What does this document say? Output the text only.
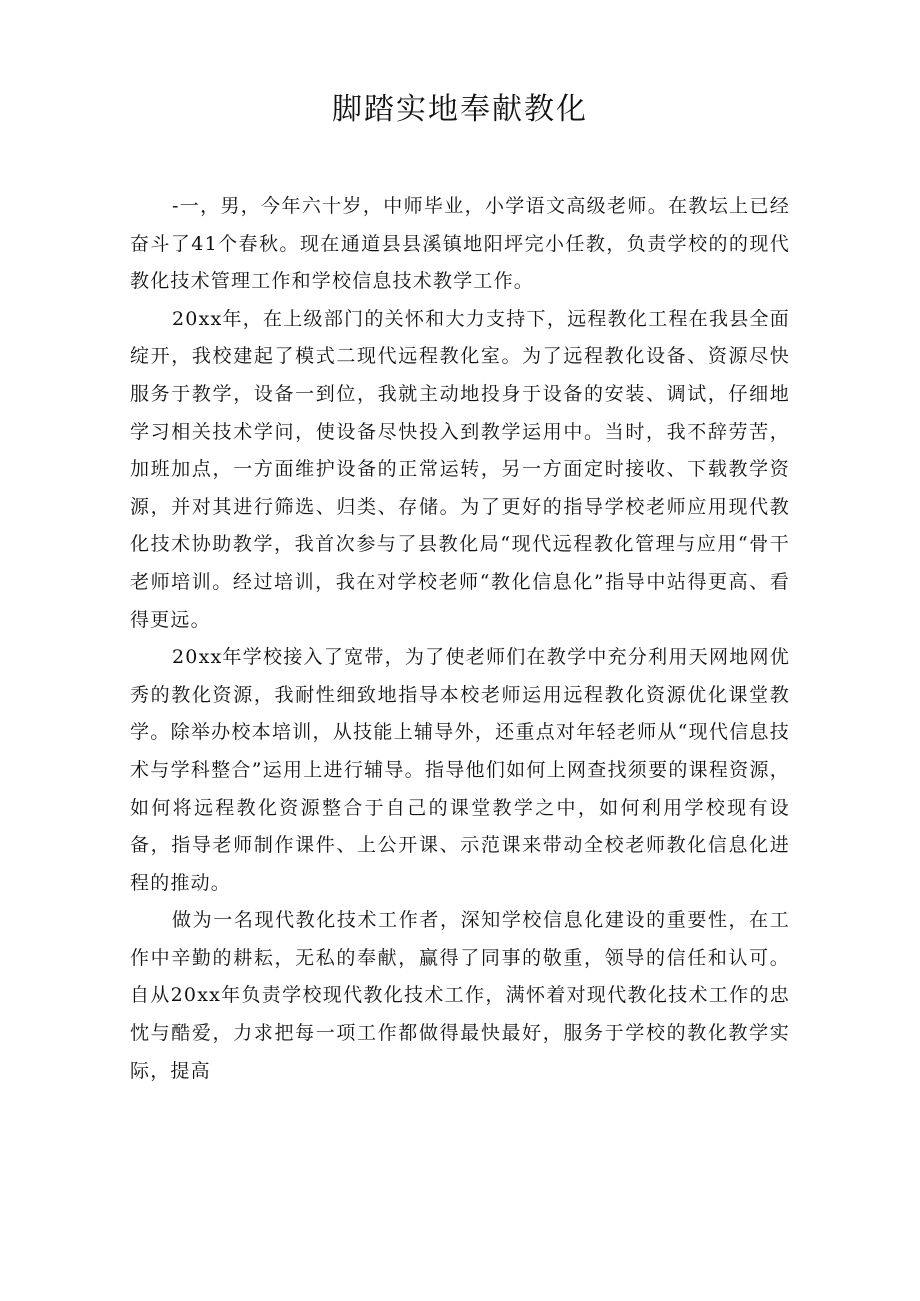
脚踏实地奉献教化

-一，男，今年六十岁，中师毕业，小学语文高级老师。在教坛上已经奋斗了41个春秋。现在通道县县溪镇地阳坪完小任教，负责学校的的现代教化技术管理工作和学校信息技术教学工作。

20xx年，在上级部门的关怀和大力支持下，远程教化工程在我县全面绽开，我校建起了模式二现代远程教化室。为了远程教化设备、资源尽快服务于教学，设备一到位，我就主动地投身于设备的安装、调试，仔细地学习相关技术学问，使设备尽快投入到教学运用中。当时，我不辞劳苦，加班加点，一方面维护设备的正常运转，另一方面定时接收、下载教学资源，并对其进行筛选、归类、存储。为了更好的指导学校老师应用现代教化技术协助教学，我首次参与了县教化局“现代远程教化管理与应用“骨干老师培训。经过培训，我在对学校老师“教化信息化”指导中站得更高、看得更远。

20xx年学校接入了宽带，为了使老师们在教学中充分利用天网地网优秀的教化资源，我耐性细致地指导本校老师运用远程教化资源优化课堂教学。除举办校本培训，从技能上辅导外，还重点对年轻老师从“现代信息技术与学科整合”运用上进行辅导。指导他们如何上网查找须要的课程资源，如何将远程教化资源整合于自己的课堂教学之中，如何利用学校现有设备，指导老师制作课件、上公开课、示范课来带动全校老师教化信息化进程的推动。

做为一名现代教化技术工作者，深知学校信息化建设的重要性，在工作中辛勤的耕耘，无私的奉献，赢得了同事的敬重，领导的信任和认可。自从20xx年负责学校现代教化技术工作，满怀着对现代教化技术工作的忠忱与酷爱，力求把每一项工作都做得最快最好，服务于学校的教化教学实际，提高
